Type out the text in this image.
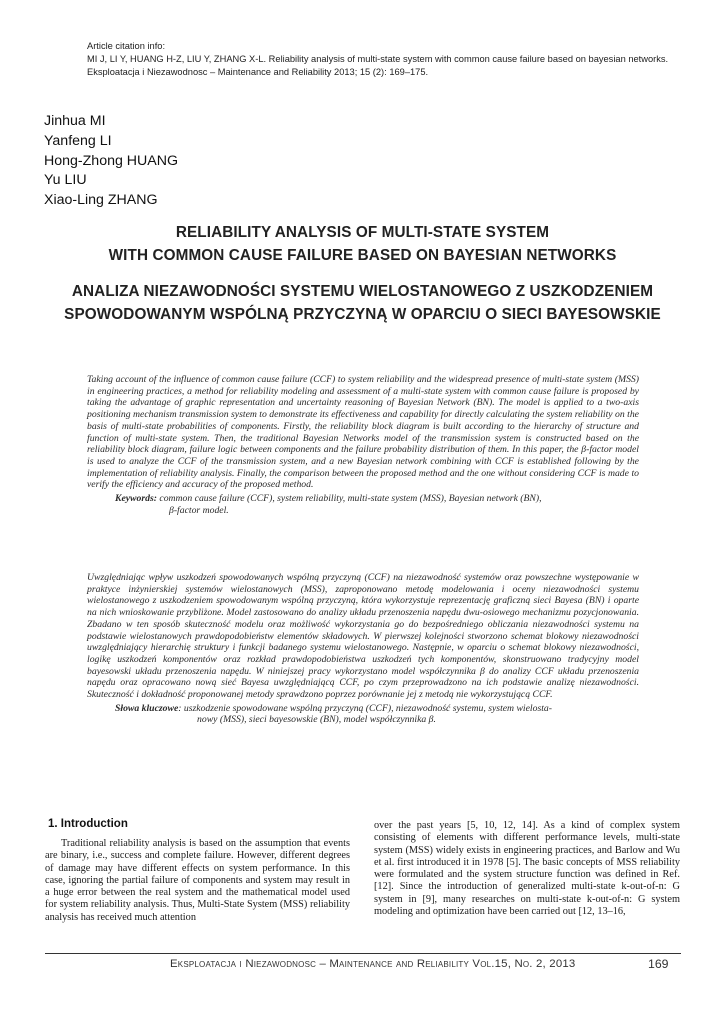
Article citation info:
MI J, LI Y, HUANG H-Z, LIU Y, ZHANG X-L. Reliability analysis of multi-state system with common cause failure based on bayesian networks.
Eksploatacja i Niezawodnosc – Maintenance and Reliability 2013; 15 (2): 169–175.
Jinhua MI
Yanfeng LI
Hong-Zhong HUANG
Yu LIU
Xiao-Ling ZHANG
RELIABILITY ANALYSIS OF MULTI-STATE SYSTEM
WITH COMMON CAUSE FAILURE BASED ON BAYESIAN NETWORKS
ANALIZA NIEZAWODNOŚCI SYSTEMU WIELOSTANOWEGO Z USZKODZENIEM
SPOWODOWANYM WSPÓLNĄ PRZYCZYNĄ W OPARCIU O SIECI BAYESOWSKIE

Taking account of the influence of common cause failure (CCF) to system reliability and the widespread presence of multi-state system (MSS) in engineering practices, a method for reliability modeling and assessment of a multi-state system with common cause failure is proposed by taking the advantage of graphic representation and uncertainty reasoning of Bayesian Network (BN). The model is applied to a two-axis positioning mechanism transmission system to demonstrate its effectiveness and capability for directly calculating the system reliability on the basis of multi-state probabilities of components. Firstly, the reliability block diagram is built according to the hierarchy of structure and function of multi-state system. Then, the traditional Bayesian Networks model of the transmission system is constructed based on the reliability block diagram, failure logic between components and the failure probability distribution of them. In this paper, the β-factor model is used to analyze the CCF of the transmission system, and a new Bayesian network combining with CCF is established following by the implementation of reliability analysis. Finally, the comparison between the proposed method and the one without considering CCF is made to verify the efficiency and accuracy of the proposed method.

Keywords: common cause failure (CCF), system reliability, multi-state system (MSS), Bayesian network (BN),
β-factor model.

Uwzględniając wpływ uszkodzeń spowodowanych wspólną przyczyną (CCF) na niezawodność systemów oraz powszechne występowanie w praktyce inżynierskiej systemów wielostanowych (MSS), zaproponowano metodę modelowania i oceny niezawodności systemu wielostanowego z uszkodzeniem spowodowanym wspólną przyczyną, która wykorzystuje reprezentację graficzną sieci Bayesa (BN) i oparte na nich wnioskowanie przybliżone. Model zastosowano do analizy układu przenoszenia napędu dwu-osiowego mechanizmu pozycjonowania. Zbadano w ten sposób skuteczność modelu oraz możliwość wykorzystania go do bezpośredniego obliczania niezawodności systemu na podstawie wielostanowych prawdopodobieństw elementów składowych. W pierwszej kolejności stworzono schemat blokowy niezawodności uwzględniający hierarchię struktury i funkcji badanego systemu wielostanowego. Następnie, w oparciu o schemat blokowy niezawodności, logikę uszkodzeń komponentów oraz rozkład prawdopodobieństwa uszkodzeń tych komponentów, skonstruowano tradycyjny model bayesowski układu przenoszenia napędu. W niniejszej pracy wykorzystano model współczynnika β do analizy CCF układu przenoszenia napędu oraz opracowano nową sieć Bayesa uwzględniającą CCF, po czym przeprowadzono na ich podstawie analizę niezawodności. Skuteczność i dokładność proponowanej metody sprawdzono poprzez porównanie jej z metodą nie wykorzystującą CCF.

Słowa kluczowe: uszkodzenie spowodowane wspólną przyczyną (CCF), niezawodność systemu, system wielosta-
nowy (MSS), sieci bayesowskie (BN), model współczynnika β.
1. Introduction

Traditional reliability analysis is based on the assumption that events are binary, i.e., success and complete failure. However, different degrees of damage may have different effects on system performance. In this case, ignoring the partial failure of components and system may result in a huge error between the real system and the mathematical model used for system reliability analysis. Thus, Multi-State System (MSS) reliability analysis has received much attention

over the past years [5, 10, 12, 14]. As a kind of complex system consisting of elements with different performance levels, multi-state system (MSS) widely exists in engineering practices, and Barlow and Wu et al. first introduced it in 1978 [5]. The basic concepts of MSS reliability were formulated and the system structure function was defined in Ref. [12]. Since the introduction of generalized multi-state k-out-of-n: G system in [9], many researches on multi-state k-out-of-n: G system modeling and optimization have been carried out [12, 13–16,

Eksploatacja i Niezawodnosc – Maintenance and Reliability Vol.15, No. 2, 2013	169
